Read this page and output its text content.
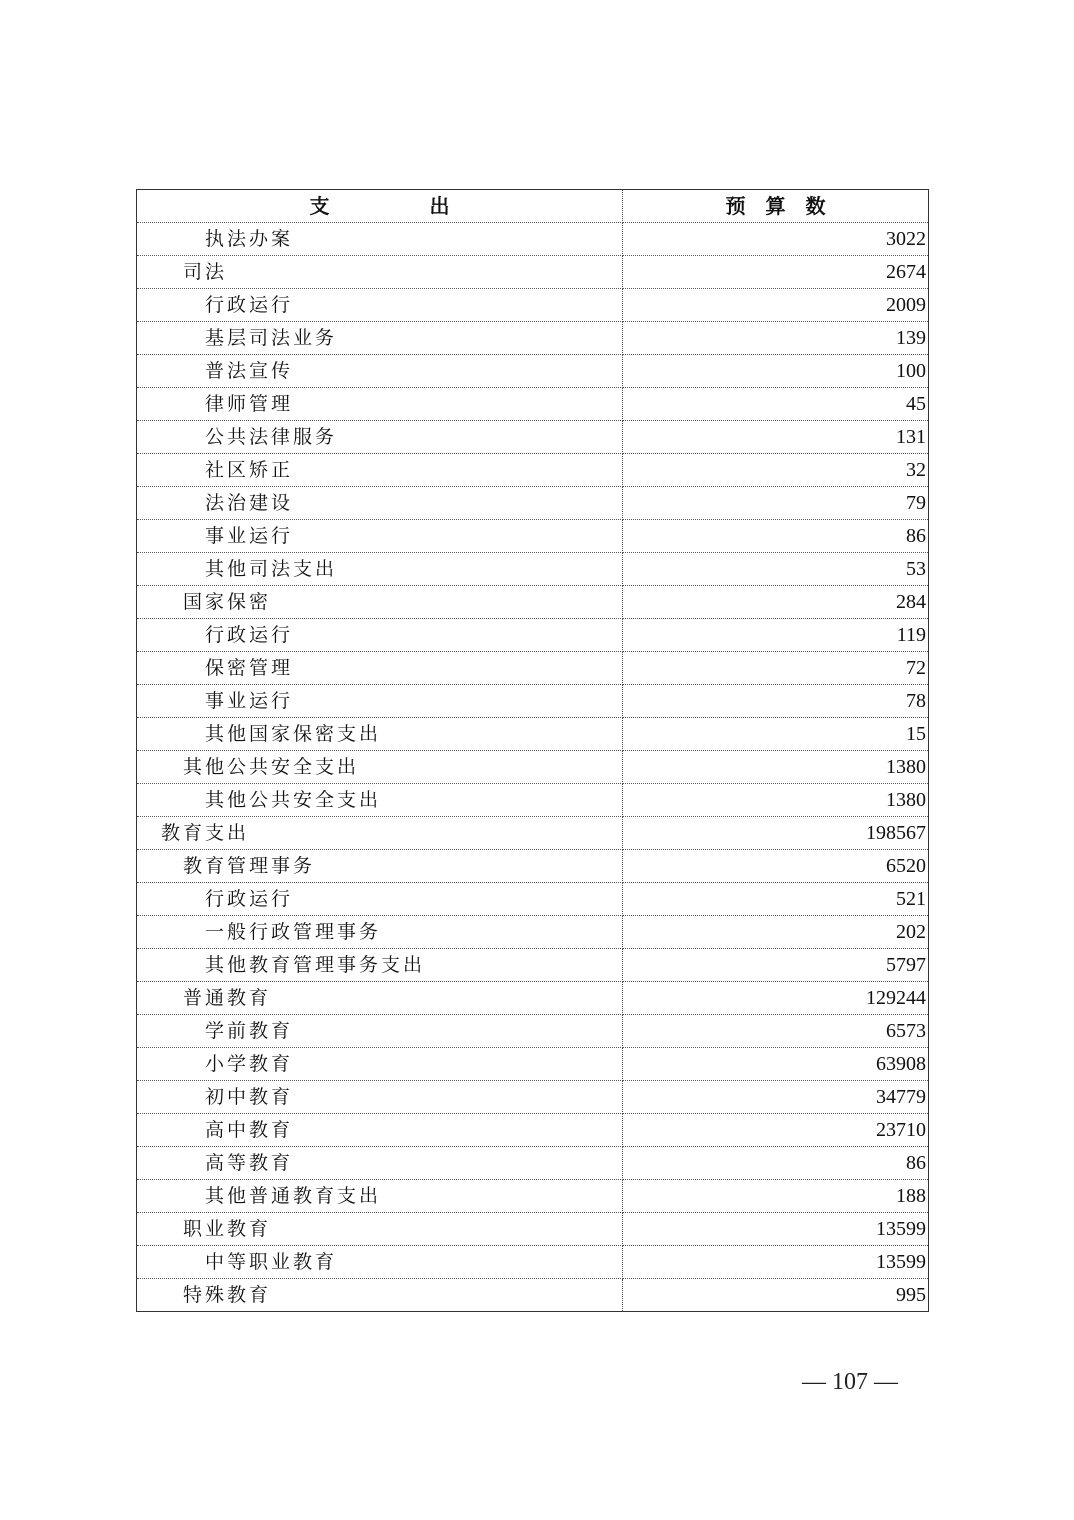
支　　　　　出	预　算　数
执法办案	3022
司法	2674
行政运行	2009
基层司法业务	139
普法宣传	100
律师管理	45
公共法律服务	131
社区矫正	32
法治建设	79
事业运行	86
其他司法支出	53
国家保密	284
行政运行	119
保密管理	72
事业运行	78
其他国家保密支出	15
其他公共安全支出	1380
其他公共安全支出	1380
教育支出	198567
教育管理事务	6520
行政运行	521
一般行政管理事务	202
其他教育管理事务支出	5797
普通教育	129244
学前教育	6573
小学教育	63908
初中教育	34779
高中教育	23710
高等教育	86
其他普通教育支出	188
职业教育	13599
中等职业教育	13599
特殊教育	995
— 107 —
